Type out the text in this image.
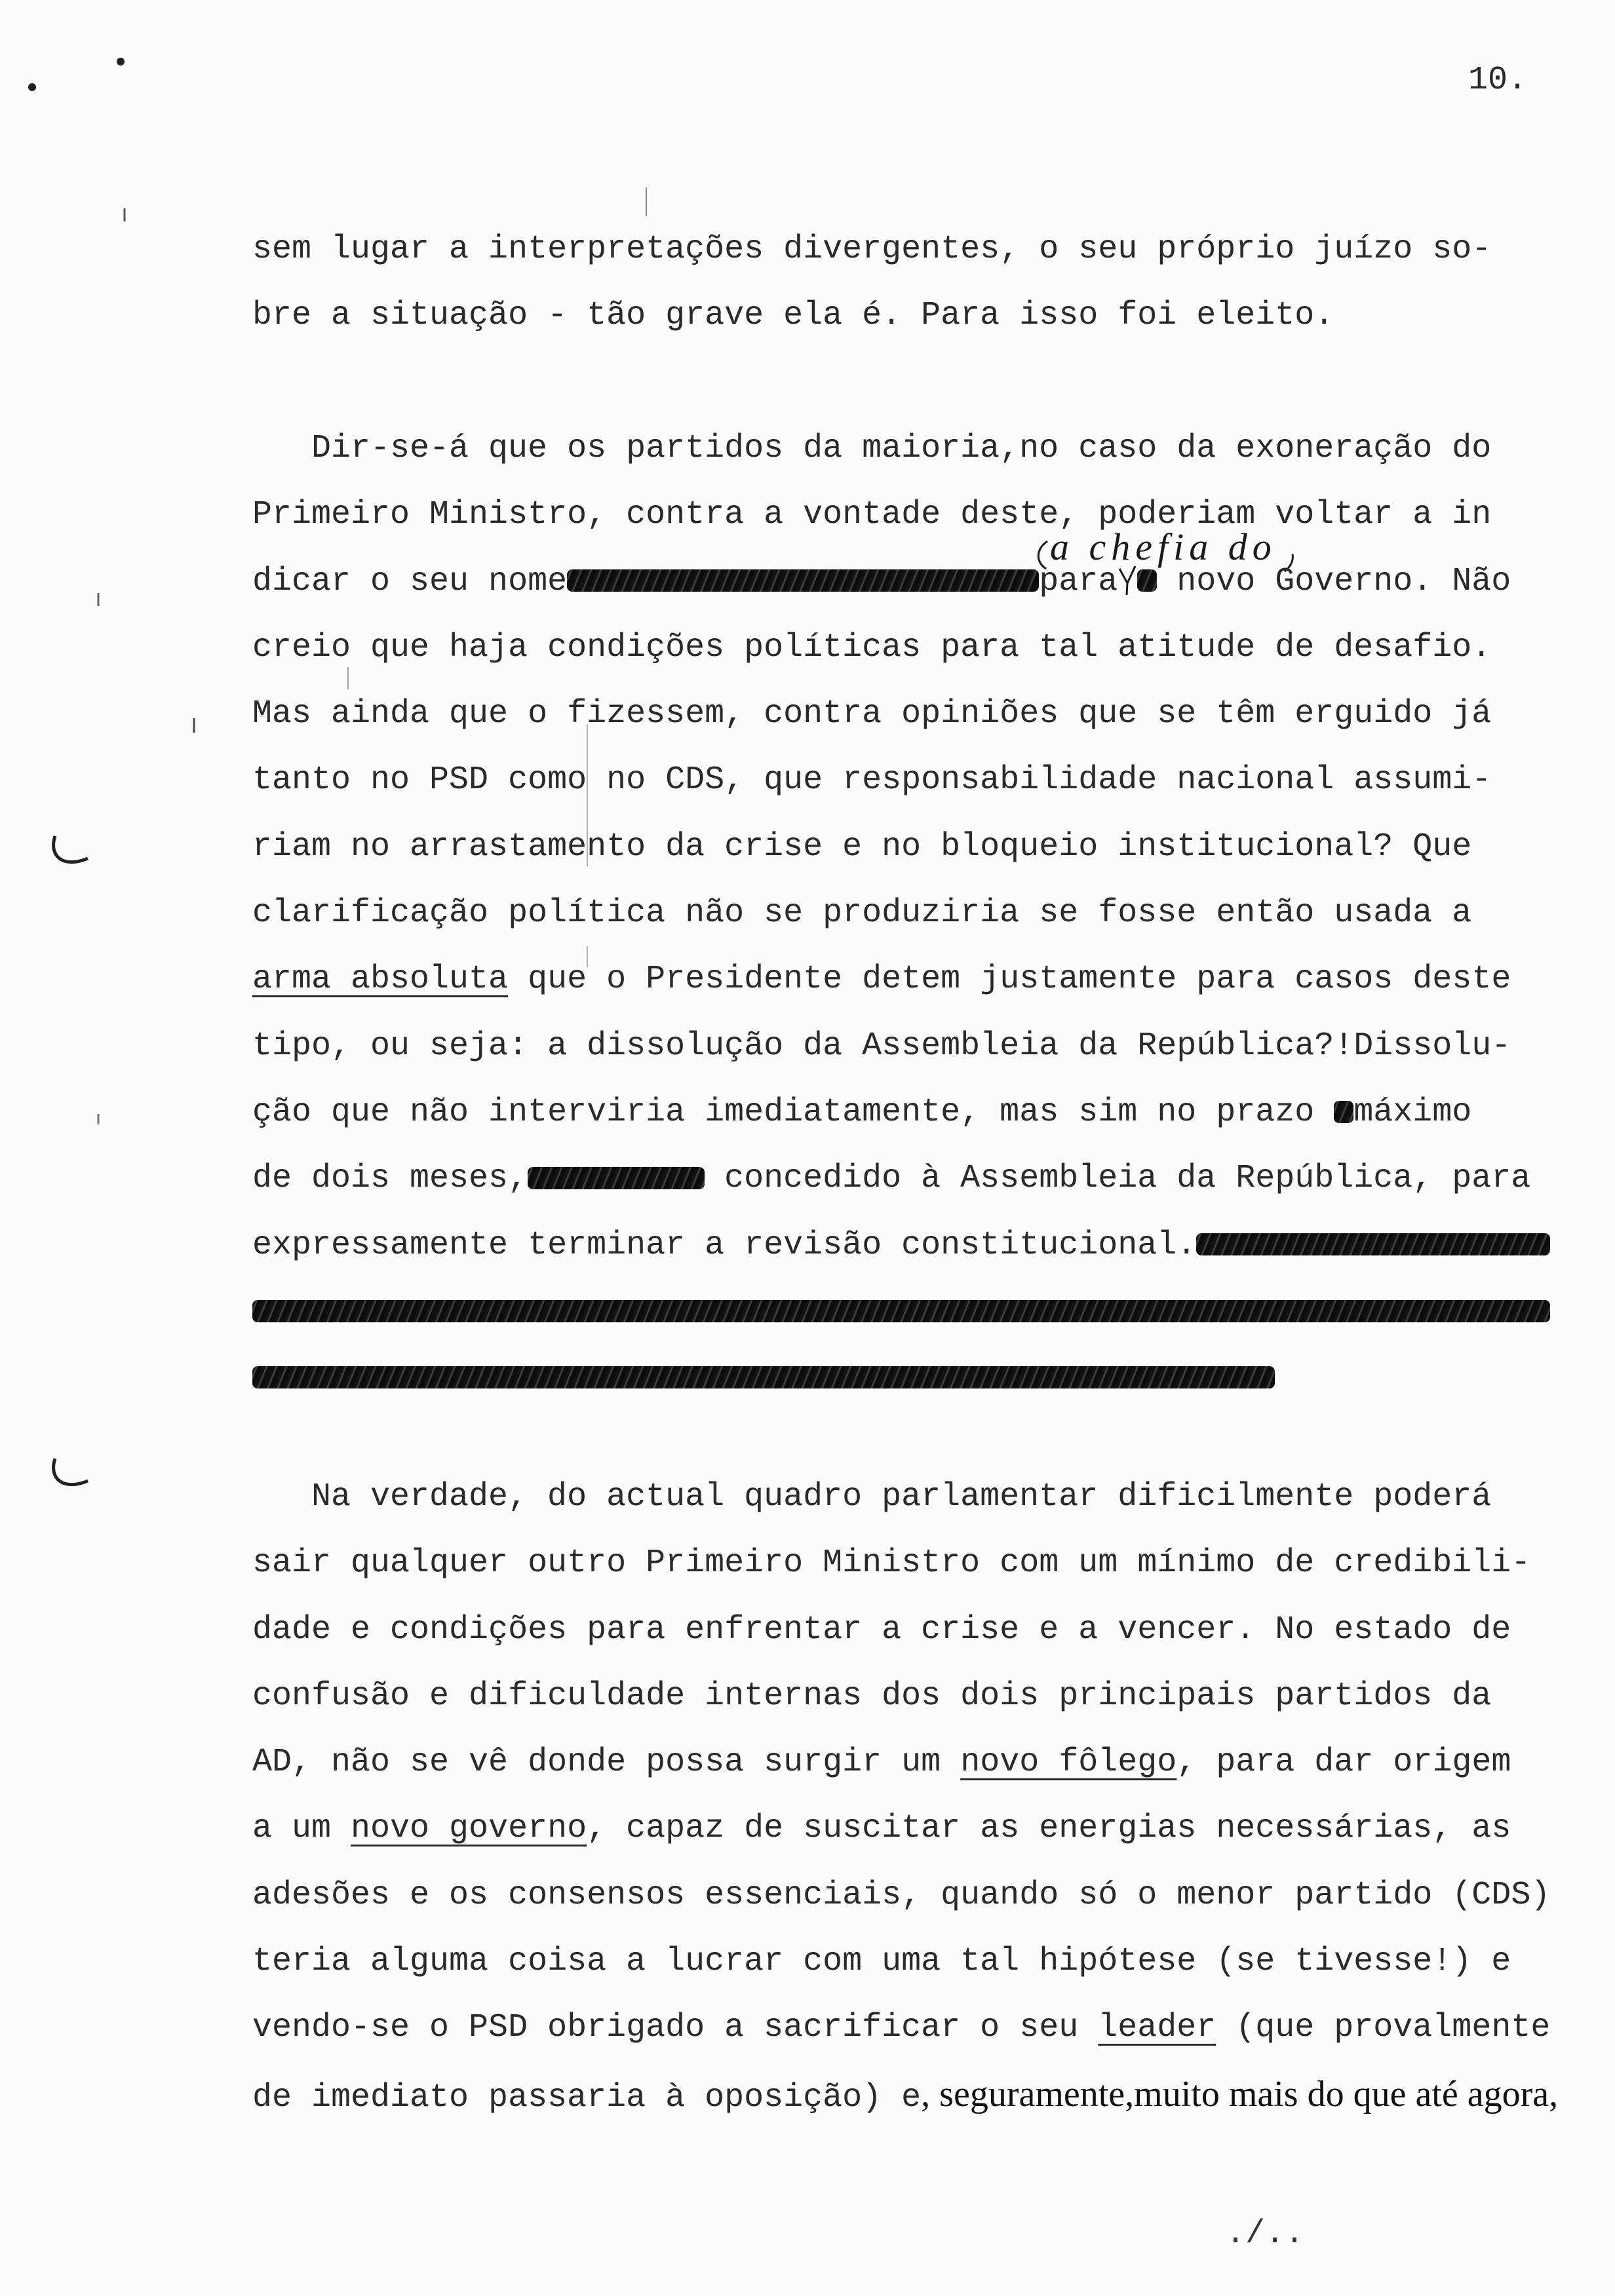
10.
sem lugar a interpretações divergentes, o seu próprio juízo so-
bre a situação - tão grave ela é. Para isso foi eleito.
a chefia do
Dir-se-á que os partidos da maioria,no caso da exoneração do
Primeiro Ministro, contra a vontade deste, poderiam voltar a in
dicar o seu nome	para
novo Governo. Não
creio que haja condições políticas para tal atitude de desafio.
Mas ainda que o fizessem, contra opiniões que se têm erguido já
tanto no PSD como no CDS, que responsabilidade nacional assumi-
riam no arrastamento da crise e no bloqueio institucional? Que
clarificação política não se produziria se fosse então usada a
arma absoluta que o Presidente detem justamente para casos deste
tipo, ou seja: a dissolução da Assembleia da República?!Dissolu-
ção que não interviria imediatamente, mas sim no prazo máximo
de dois meses,	concedido à Assembleia da República, para
expressamente terminar a revisão constitucional.
Na verdade, do actual quadro parlamentar dificilmente poderá
sair qualquer outro Primeiro Ministro com um mínimo de credibili-
dade e condições para enfrentar a crise e a vencer. No estado de
confusão e dificuldade internas dos dois principais partidos da
AD, não se vê donde possa surgir um novo fôlego, para dar origem
a um novo governo, capaz de suscitar as energias necessárias, as
adesões e os consensos essenciais, quando só o menor partido (CDS)
teria alguma coisa a lucrar com uma tal hipótese (se tivesse!) e
vendo-se o PSD obrigado a sacrificar o seu leader (que provalmente
de imediato passaria à oposição) e, seguramente,muito mais do que até agora,
./..
